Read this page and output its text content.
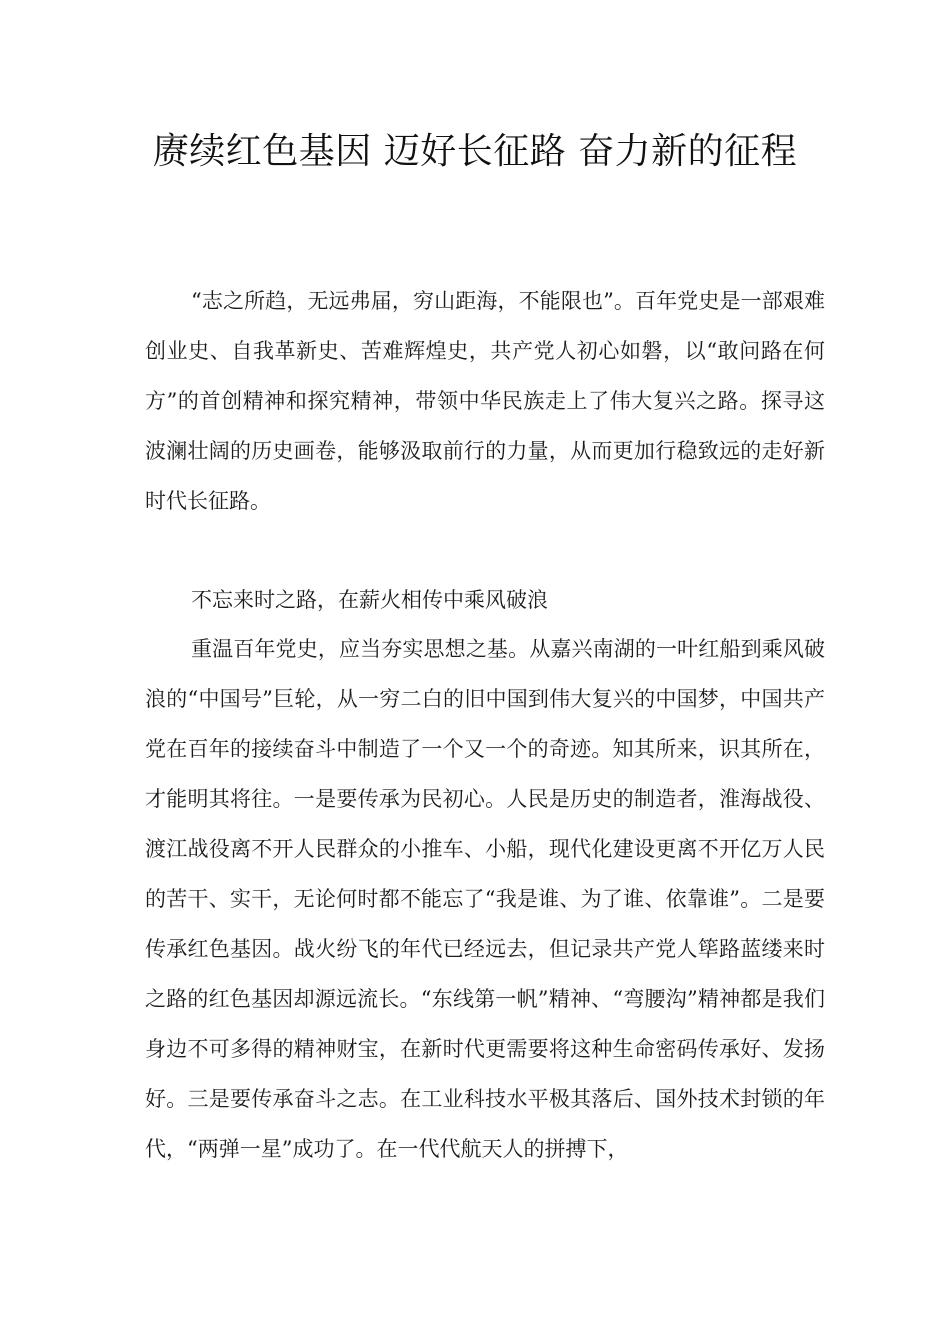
赓续红色基因 迈好长征路 奋力新的征程

“志之所趋，无远弗届，穷山距海，不能限也”。百年党史是一部艰难创业史、自我革新史、苦难辉煌史，共产党人初心如磐，以“敢问路在何方”的首创精神和探究精神，带领中华民族走上了伟大复兴之路。探寻这波澜壮阔的历史画卷，能够汲取前行的力量，从而更加行稳致远的走好新时代长征路。

不忘来时之路，在薪火相传中乘风破浪

重温百年党史，应当夯实思想之基。从嘉兴南湖的一叶红船到乘风破浪的“中国号”巨轮，从一穷二白的旧中国到伟大复兴的中国梦，中国共产党在百年的接续奋斗中制造了一个又一个的奇迹。知其所来，识其所在，才能明其将往。一是要传承为民初心。人民是历史的制造者，淮海战役、渡江战役离不开人民群众的小推车、小船，现代化建设更离不开亿万人民的苦干、实干，无论何时都不能忘了“我是谁、为了谁、依靠谁”。二是要传承红色基因。战火纷飞的年代已经远去，但记录共产党人筚路蓝缕来时之路的红色基因却源远流长。“东线第一帆”精神、“弯腰沟”精神都是我们身边不可多得的精神财宝，在新时代更需要将这种生命密码传承好、发扬好。三是要传承奋斗之志。在工业科技水平极其落后、国外技术封锁的年代，“两弹一星”成功了。在一代代航天人的拼搏下，
